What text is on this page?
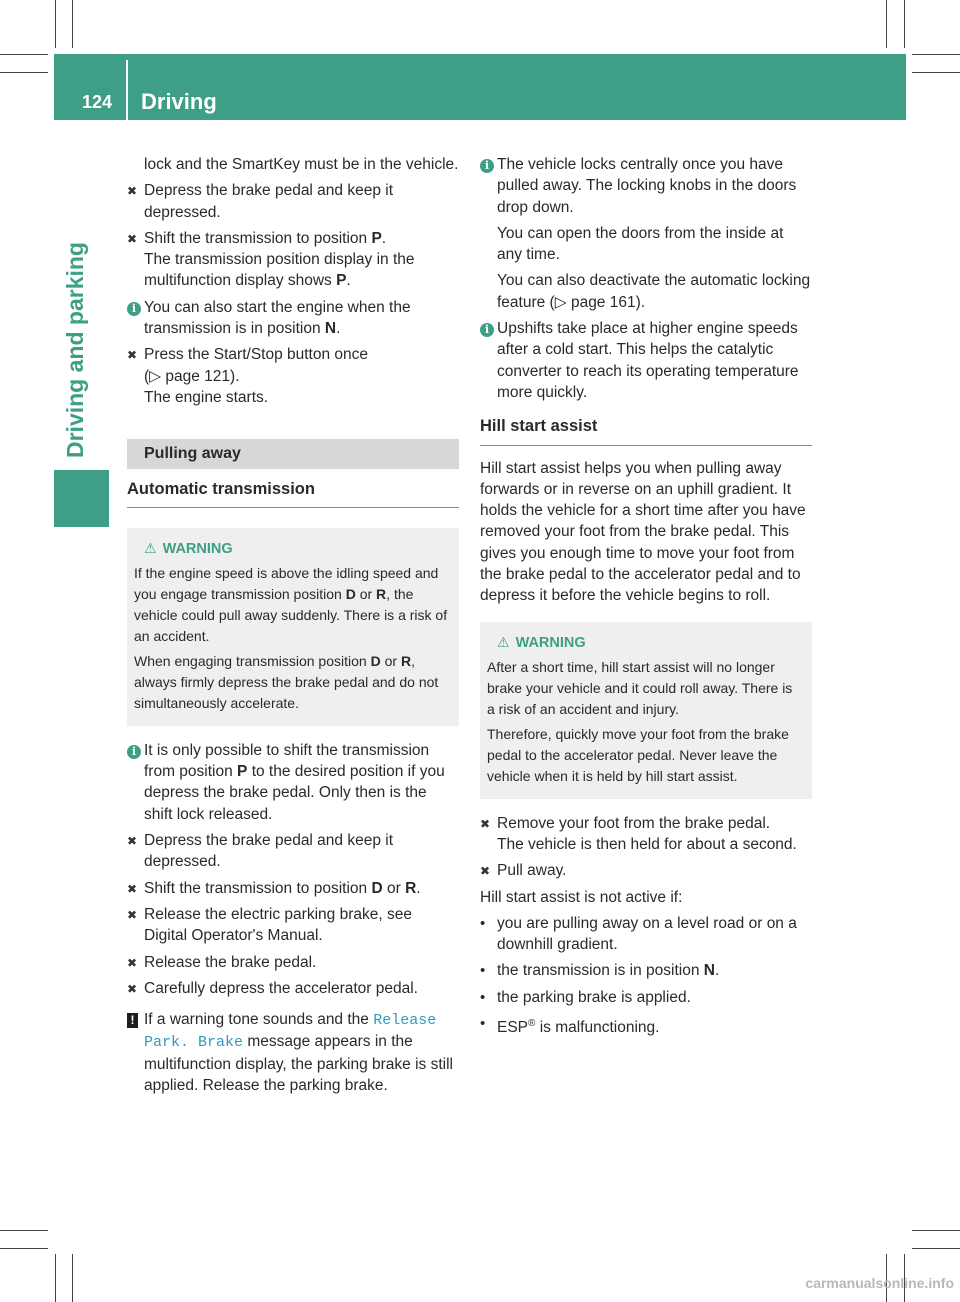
124 Driving
Driving and parking

lock and the SmartKey must be in the vehicle.

✖ Depress the brake pedal and keep it depressed.

✖ Shift the transmission to position P.
The transmission position display in the multifunction display shows P.

i You can also start the engine when the transmission is in position N.

✖ Press the Start/Stop button once
(▷ page 121).
The engine starts.

Pulling away
Automatic transmission
⚠ WARNING

If the engine speed is above the idling speed and you engage transmission position D or R, the vehicle could pull away suddenly. There is a risk of an accident.

When engaging transmission position D or R, always firmly depress the brake pedal and do not simultaneously accelerate.

i It is only possible to shift the transmission from position P to the desired position if you depress the brake pedal. Only then is the shift lock released.

✖ Depress the brake pedal and keep it depressed.

✖ Shift the transmission to position D or R.

✖ Release the electric parking brake, see Digital Operator's Manual.

✖ Release the brake pedal.

✖ Carefully depress the accelerator pedal.

! If a warning tone sounds and the Release Park. Brake message appears in the multifunction display, the parking brake is still applied. Release the parking brake.

i The vehicle locks centrally once you have pulled away. The locking knobs in the doors drop down.

You can open the doors from the inside at any time.

You can also deactivate the automatic locking feature (▷ page 161).

i Upshifts take place at higher engine speeds after a cold start. This helps the catalytic converter to reach its operating temperature more quickly.

Hill start assist

Hill start assist helps you when pulling away forwards or in reverse on an uphill gradient. It holds the vehicle for a short time after you have removed your foot from the brake pedal. This gives you enough time to move your foot from the brake pedal to the accelerator pedal and to depress it before the vehicle begins to roll.

⚠ WARNING

After a short time, hill start assist will no longer brake your vehicle and it could roll away. There is a risk of an accident and injury.

Therefore, quickly move your foot from the brake pedal to the accelerator pedal. Never leave the vehicle when it is held by hill start assist.

✖ Remove your foot from the brake pedal.
The vehicle is then held for about a second.

✖ Pull away.

Hill start assist is not active if:

• you are pulling away on a level road or on a downhill gradient.

• the transmission is in position N.

• the parking brake is applied.

• ESP® is malfunctioning.

carmanualsonline.info
